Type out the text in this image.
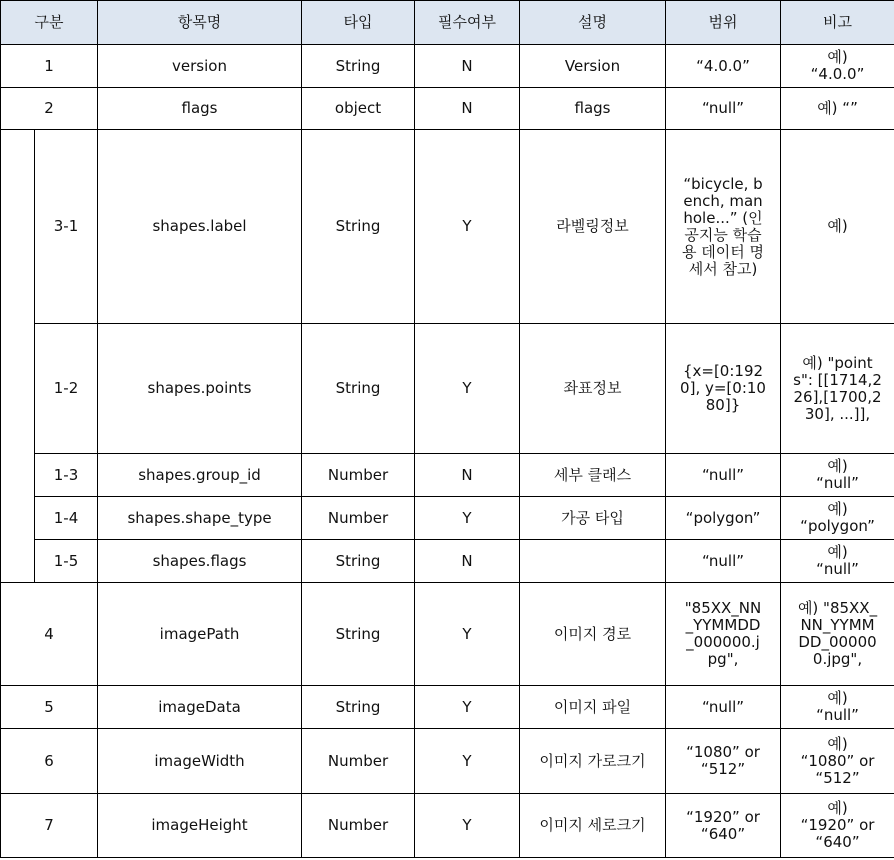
구분		항목명	타입	필수여부	설명	범위	비고
1		version	String	N	Version	“4.0.0”	예)
“4.0.0”
2		flags	object	N	flags	“null”	예) “”
	3-1	shapes.label	String	Y	라벨링정보	“bicycle, bench, manhole...” (인공지능 학습용 데이터 명세서 참고)	예)
	1-2	shapes.points	String	Y	좌표정보	{x=[0:1920], y=[0:1080]}	예) "points": [[1714,226],[1700,230], ...]],
	1-3	shapes.group_id	Number	N	세부 클래스	“null”	예)
“null”
	1-4	shapes.shape_type	Number	Y	가공 타입	“polygon”	예)
“polygon”
	1-5	shapes.flags	String	N		“null”	예)
“null”
4		imagePath	String	Y	이미지 경로	"85XX_NN_YYMMDD_000000.jpg",	예) "85XX_NN_YYMMDD_000000.jpg",
5		imageData	String	Y	이미지 파일	“null”	예)
“null”
6		imageWidth	Number	Y	이미지 가로크기	“1080” or
“512”	예)
“1080” or
“512”
7		imageHeight	Number	Y	이미지 세로크기	“1920” or
“640”	예)
“1920” or
“640”
